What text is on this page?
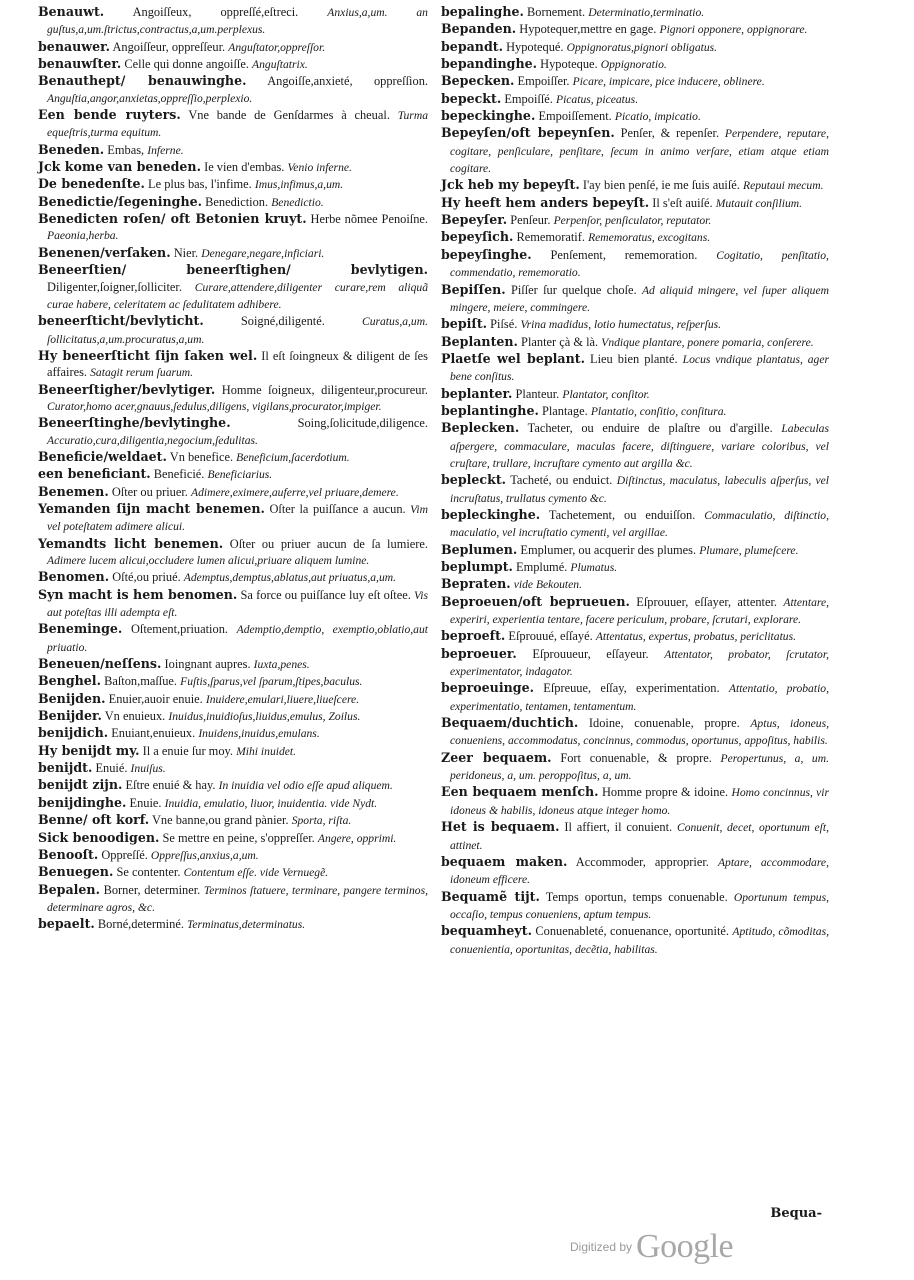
Benauwt. Angoiſſeux, oppreſſé,eſtreci.	Anxius,a,um. an guſtus,a,um.ſtrictus,contractus,a,um.perplexus.

benauwer. Angoiſſeur, oppreſſeur. Anguſtator,oppreſſor.

benauwſter. Celle qui donne angoiſſe. Anguſtatrix.

Benauthept/ benauwinghe. Angoiſſe,anxieté, oppreſſion. Anguſtia,angor,anxietas,oppreſſio,perplexio.

Een bende ruyters. Vne bande de Genſdarmes à cheual. Turma equeſtris,turma equitum.

Beneden. Embas, Inferne.

Jck kome van beneden. Ie vien d'embas. Venio inferne.

De benedenſte. Le plus bas, l'infime. Imus,infimus,a,um.

Benedictie/ſegeninghe. Benediction. Benedictio.

Benedicten roſen/ oft Betonien kruyt. Herbe nõmee Penoiſne. Paeonia,herba.

Benenen/verſaken. Nier. Denegare,negare,inficiari.

Beneerſtien/ beneerſtighen/ bevlytigen. Diligenter,ſoigner,ſolliciter. Curare,attendere,diligenter curare,rem aliquã curae habere, celeritatem ac ſedulitatem adhibere.

beneerſticht/bevlyticht.	Soigné,diligenté.	Curatus,a,um. ſollicitatus,a,um.procuratus,a,um.

Hy beneerſticht ſijn ſaken wel. Il eſt ſoingneux & diligent de ſes affaires. Satagit rerum ſuarum.

Beneerſtigher/bevlytiger. Homme ſoigneux, diligenteur,procureur. Curator,homo acer,gnauus,ſedulus,diligens, vigilans,procurator,impiger.

Beneerſtinghe/bevlytinghe.	Soing,ſolicitude,diligence. Accuratio,cura,diligentia,negocium,ſedulitas.

Beneficie/weldaet. Vn benefice. Beneficium,ſacerdotium.

een beneficiant. Beneficié. Beneficiarius.

Benemen. Oſter ou priuer. Adimere,eximere,auferre,vel priuare,demere.

Yemanden ſijn macht benemen. Oſter la puiſſance a aucun. Vim vel poteſtatem adimere alicui.

Yemandts licht benemen. Oſter ou priuer aucun de ſa lumiere. Adimere lucem alicui,occludere lumen alicui,priuare aliquem lumine.

Benomen. Oſté,ou priué. Ademptus,demptus,ablatus,aut priuatus,a,um.

Syn macht is hem benomen. Sa force ou puiſſance luy eſt oſtee. Vis aut poteſtas illi adempta eſt.

Beneminge. Oſtement,priuation. Ademptio,demptio, exemptio,oblatio,aut priuatio.

Beneuen/neſſens. Ioingnant aupres. Iuxta,penes.

Benghel. Baſton,maſſue. Fuſtis,ſparus,vel ſparum,ſtipes,baculus.

Benijden. Enuier,auoir enuie. Inuidere,emulari,liuere,liueſcere.

Benijder. Vn enuieux. Inuidus,inuidioſus,liuidus,emulus, Zoilus.

benijdich. Enuiant,enuieux. Inuidens,inuidus,emulans.

Hy benijdt my. Il a enuie ſur moy. Mihi inuidet.

benijdt. Enuié. Inuiſus.

benijdt zijn. Eſtre enuié & hay. In inuidia vel odio eſſe apud aliquem.

benijdinghe. Enuie. Inuidia, emulatio, liuor, inuidentia. vide Nydt.

Benne/ oft korf. Vne banne,ou grand pànier. Sporta, riſta.

Sick benoodigen. Se mettre en peine, s'oppreſſer. Angere, opprimi.

Benooſt. Oppreſſé. Oppreſſus,anxius,a,um.

Benuegen. Se contenter. Contentum eſſe. vide Vernuegẽ.

Bepalen. Borner, determiner. Terminos ſtatuere, terminare, pangere terminos, determinare agros, &c.

bepaelt. Borné,determiné. Terminatus,determinatus.

bepalinghe. Bornement. Determinatio,terminatio.

Bepanden. Hypotequer,mettre en gage. Pignori opponere, oppignorare.

bepandt. Hypotequé. Oppignoratus,pignori obligatus.

bepandinghe. Hypoteque. Oppignoratio.

Bepecken. Empoiſſer. Picare, impicare, pice inducere, oblinere.

bepeckt. Empoiſſé. Picatus, piceatus.

bepeckinghe. Empoiſſement. Picatio, impicatio.

Bepeyſen/oft bepeynſen. Penſer, & repenſer. Perpendere, reputare, cogitare, penſiculare, penſitare, ſecum in animo verſare, etiam atque etiam cogitare.

Jck heb my bepeyſt. I'ay bien penſé, ie me ſuis auiſé. Reputaui mecum.

Hy heeft hem anders bepeyſt. Il s'eſt auiſé. Mutauit conſilium.

Bepeyſer. Penſeur. Perpenſor, penſiculator, reputator.

bepeyſich. Rememoratif. Rememoratus, excogitans.

bepeyſinghe. Penſement, rememoration. Cogitatio, penſitatio, commendatio, rememoratio.

Bepiſſen. Piſſer ſur quelque choſe. Ad aliquid mingere, vel ſuper aliquem mingere, meiere, commingere.

bepiſt. Piſsé. Vrina madidus, lotio humectatus, reſperſus.

Beplanten. Planter çà & là. Vndique plantare, ponere pomaria, conſerere.

Plaetſe wel beplant. Lieu bien planté. Locus vndique plantatus, ager bene conſitus.

beplanter. Planteur. Plantator, conſitor.

beplantinghe. Plantage. Plantatio, conſitio, conſitura.

Beplecken. Tacheter, ou enduire de plaſtre ou d'argille. Labeculas aſpergere, commaculare, maculas facere, diſtinguere, variare coloribus, vel cruſtare, trullare, incruſtare cymento aut argilla &c.

bepleckt. Tacheté, ou enduict. Diſtinctus, maculatus, labeculis aſperſus, vel incruſtatus, trullatus cymento &c.

bepleckinghe. Tachetement, ou enduiſſon. Commaculatio, diſtinctio, maculatio, vel incruſtatio cymenti, vel argillae.

Beplumen. Emplumer, ou acquerir des plumes. Plumare, plumeſcere.

beplumpt. Emplumé. Plumatus.

Bepraten. vide Bekouten.

Beproeuen/oft beprueuen. Eſprouuer, eſſayer, attenter. Attentare, experiri, experientia tentare, facere periculum, probare, ſcrutari, explorare.

beproeft. Eſprouué, eſſayé. Attentatus, expertus, probatus, periclitatus.

beproeuer. Eſprouueur, eſſayeur. Attentator, probator, ſcrutator, experimentator, indagator.

beproeuinge. Eſpreuue, eſſay, experimentation. Attentatio, probatio, experimentatio, tentamen, tentamentum.

Bequaem/duchtich. Idoine, conuenable, propre. Aptus, idoneus, conueniens, accommodatus, concinnus, commodus, oportunus, appoſitus, habilis.

Zeer bequaem. Fort conuenable, & propre. Peropertunus, a, um. peridoneus, a, um. peroppoſitus, a, um.

Een bequaem menſch. Homme propre & idoine. Homo concinnus, vir idoneus & habilis, idoneus atque integer homo.

Het is bequaem. Il affiert, il conuient. Conuenit, decet, oportunum eſt, attinet.

bequaem maken. Accommoder, approprier. Aptare, accommodare, idoneum efficere.

Bequamẽ tijt. Temps oportun, temps conuenable. Oportunum tempus, occaſio, tempus conueniens, aptum tempus.

bequamheyt. Conuenableté, conuenance, oportunité. Aptitudo, cõmoditas, conuenientia, oportunitas, decẽtia, habilitas.

Bequa-
Digitized by Google
